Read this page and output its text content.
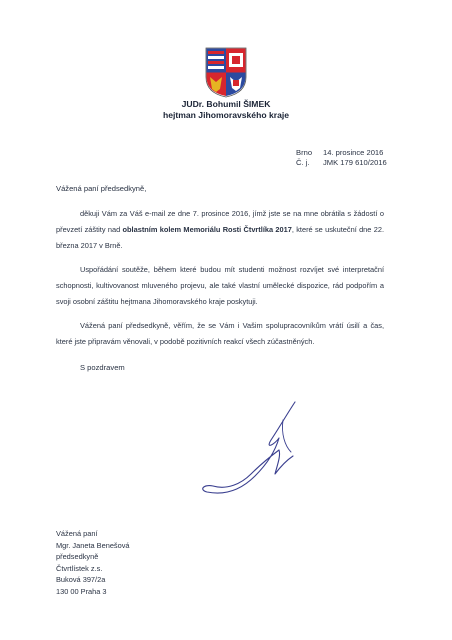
JUDr. Bohumil ŠIMEK
hejtman Jihomoravského kraje
Brno	14. prosince 2016
Č. j.	JMK 179 610/2016
Vážená paní předsedkyně,
děkuji Vám za Váš e-mail ze dne 7. prosince 2016, jímž jste se na mne obrátila s žádostí o převzetí záštity nad oblastním kolem Memoriálu Rosti Čtvrtlíka 2017, které se uskuteční dne 22. března 2017 v Brně.
Uspořádání soutěže, během které budou mít studenti možnost rozvíjet své interpretační schopnosti, kultivovanost mluveného projevu, ale také vlastní umělecké dispozice, rád podpořím a svoji osobní záštitu hejtmana Jihomoravského kraje poskytuji.
Vážená paní předsedkyně, věřím, že se Vám i Vašim spolupracovníkům vrátí úsilí a čas, které jste připravám věnovali, v podobě pozitivních reakcí všech zúčastněných.
S pozdravem
Vážená paní
Mgr. Janeta Benešová
předsedkyně
Čtvrtlístek z.s.
Buková 397/2a
130 00 Praha 3
